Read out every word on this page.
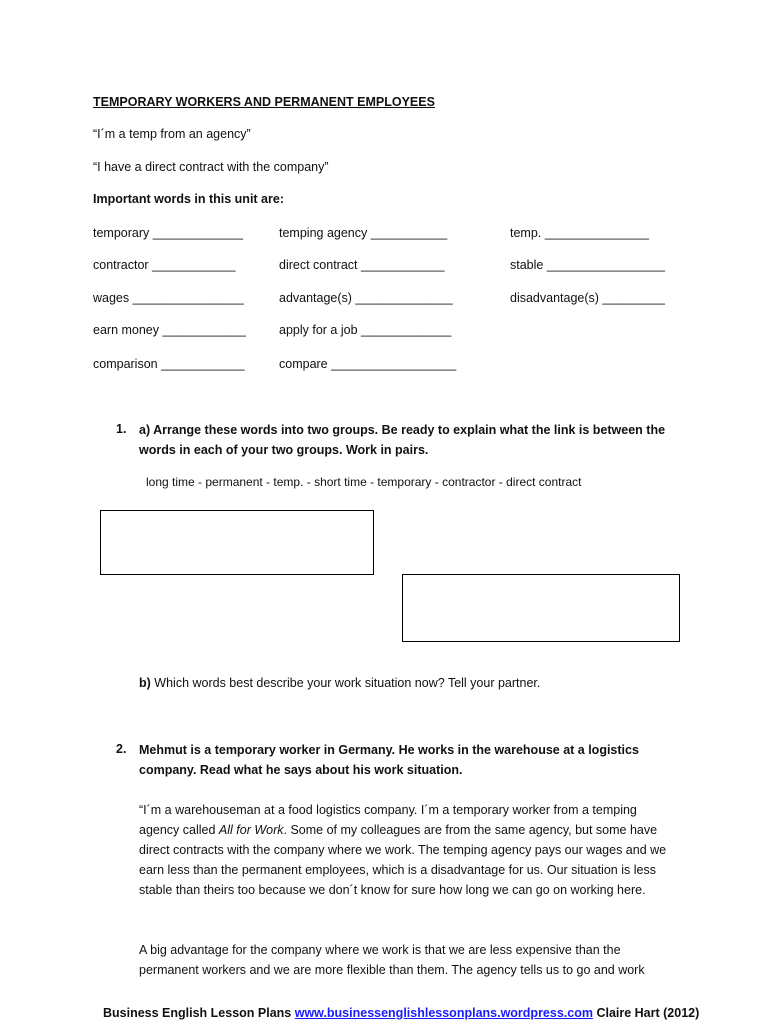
TEMPORARY WORKERS AND PERMANENT EMPLOYEES
“I´m a temp from an agency”
“I have a direct contract with the company”
Important words in this unit are:
temporary _____________	temping agency ___________	temp. _______________
contractor ____________	direct contract ____________	stable _________________
wages ________________	advantage(s) ______________	disadvantage(s) _________
earn money ____________	apply for a job _____________
comparison ____________	compare __________________
1. a) Arrange these words into two groups. Be ready to explain what the link is between the words in each of your two groups. Work in pairs.
long time - permanent - temp. - short time - temporary - contractor - direct contract
b) Which words best describe your work situation now? Tell your partner.
2. Mehmut is a temporary worker in Germany. He works in the warehouse at a logistics company. Read what he says about his work situation.
“I´m a warehouseman at a food logistics company. I´m a temporary worker from a temping agency called All for Work. Some of my colleagues are from the same agency, but some have direct contracts with the company where we work. The temping agency pays our wages and we earn less than the permanent employees, which is a disadvantage for us. Our situation is less stable than theirs too because we don´t know for sure how long we can go on working here.
A big advantage for the company where we work is that we are less expensive than the permanent workers and we are more flexible than them. The agency tells us to go and work
Business English Lesson Plans www.businessenglishlessonplans.wordpress.com Claire Hart (2012)
